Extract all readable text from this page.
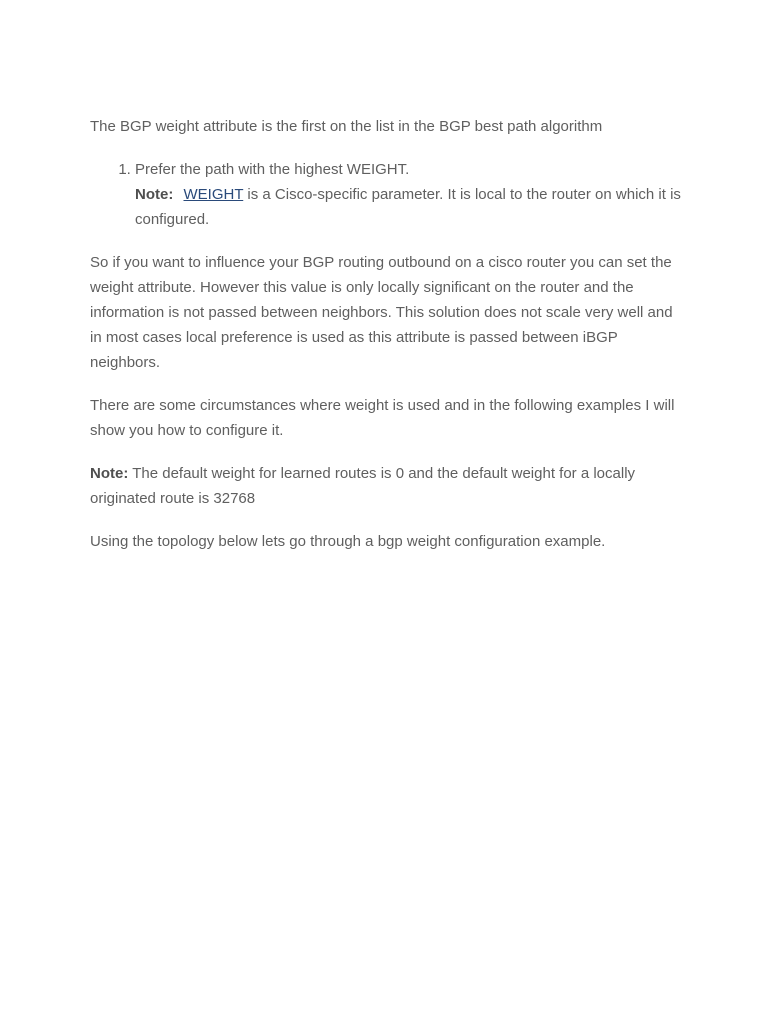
The BGP weight attribute is the first on the list in the BGP best path algorithm

1. Prefer the path with the highest WEIGHT.
Note: WEIGHT is a Cisco-specific parameter. It is local to the router on which it is configured.

So if you want to influence your BGP routing outbound on a cisco router you can set the weight attribute. However this value is only locally significant on the router and the information is not passed between neighbors. This solution does not scale very well and in most cases local preference is used as this attribute is passed between iBGP neighbors.

There are some circumstances where weight is used and in the following examples I will show you how to configure it.

Note: The default weight for learned routes is 0 and the default weight for a locally originated route is 32768

Using the topology below lets go through a bgp weight configuration example.
